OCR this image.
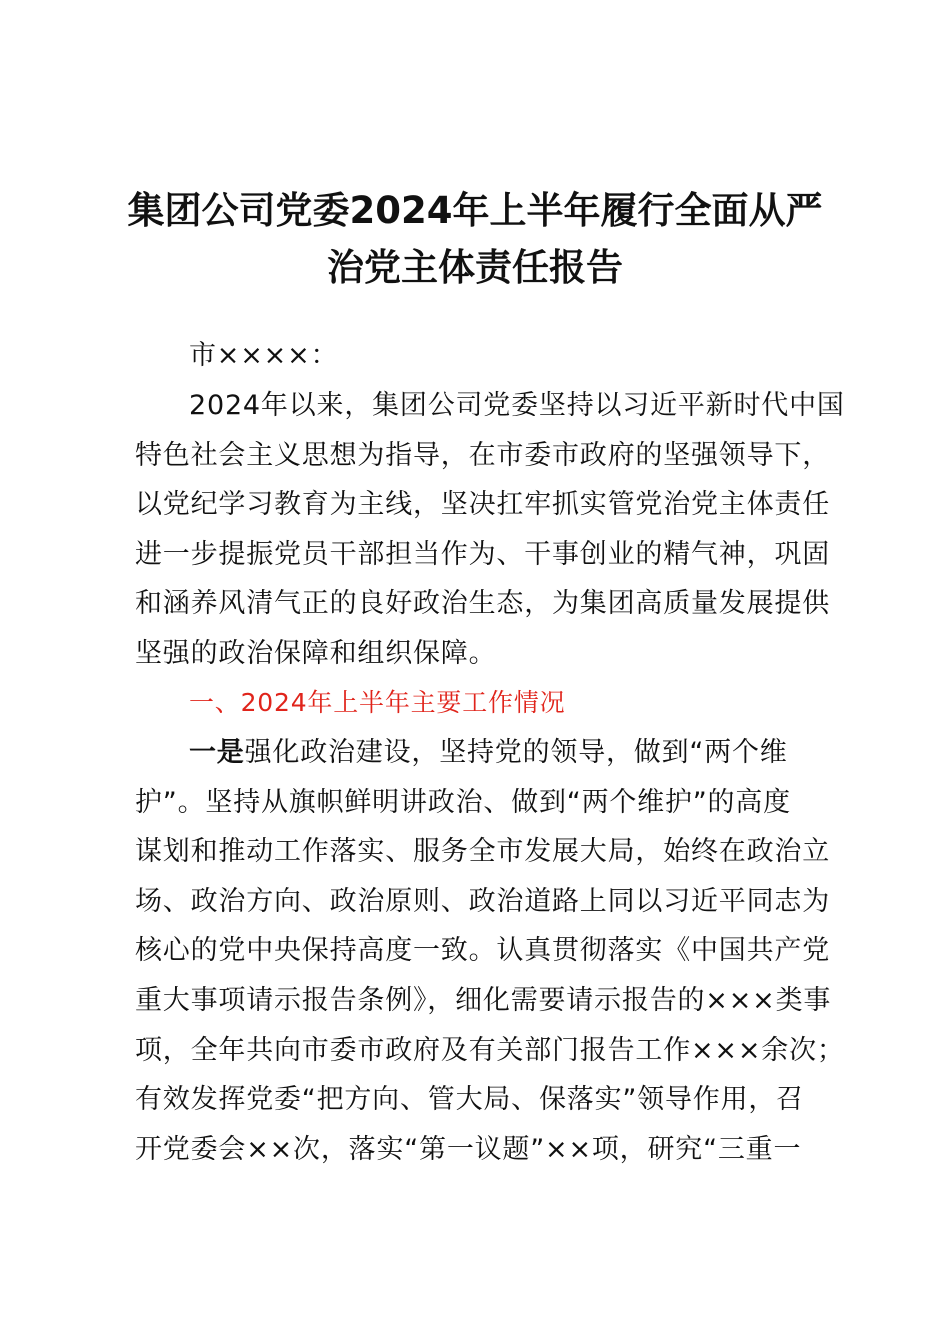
集团公司党委2024年上半年履行全面从严
治党主体责任报告
市××××：
2024年以来，集团公司党委坚持以习近平新时代中国
特色社会主义思想为指导，在市委市政府的坚强领导下，
以党纪学习教育为主线，坚决扛牢抓实管党治党主体责任
进一步提振党员干部担当作为、干事创业的精气神，巩固
和涵养风清气正的良好政治生态，为集团高质量发展提供
坚强的政治保障和组织保障。
一、2024年上半年主要工作情况
一是强化政治建设，坚持党的领导，做到“两个维
护”。坚持从旗帜鲜明讲政治、做到“两个维护”的高度
谋划和推动工作落实、服务全市发展大局，始终在政治立
场、政治方向、政治原则、政治道路上同以习近平同志为
核心的党中央保持高度一致。认真贯彻落实《中国共产党
重大事项请示报告条例》，细化需要请示报告的×××类事
项，全年共向市委市政府及有关部门报告工作×××余次；
有效发挥党委“把方向、管大局、保落实”领导作用，召
开党委会××次，落实“第一议题”××项，研究“三重一
